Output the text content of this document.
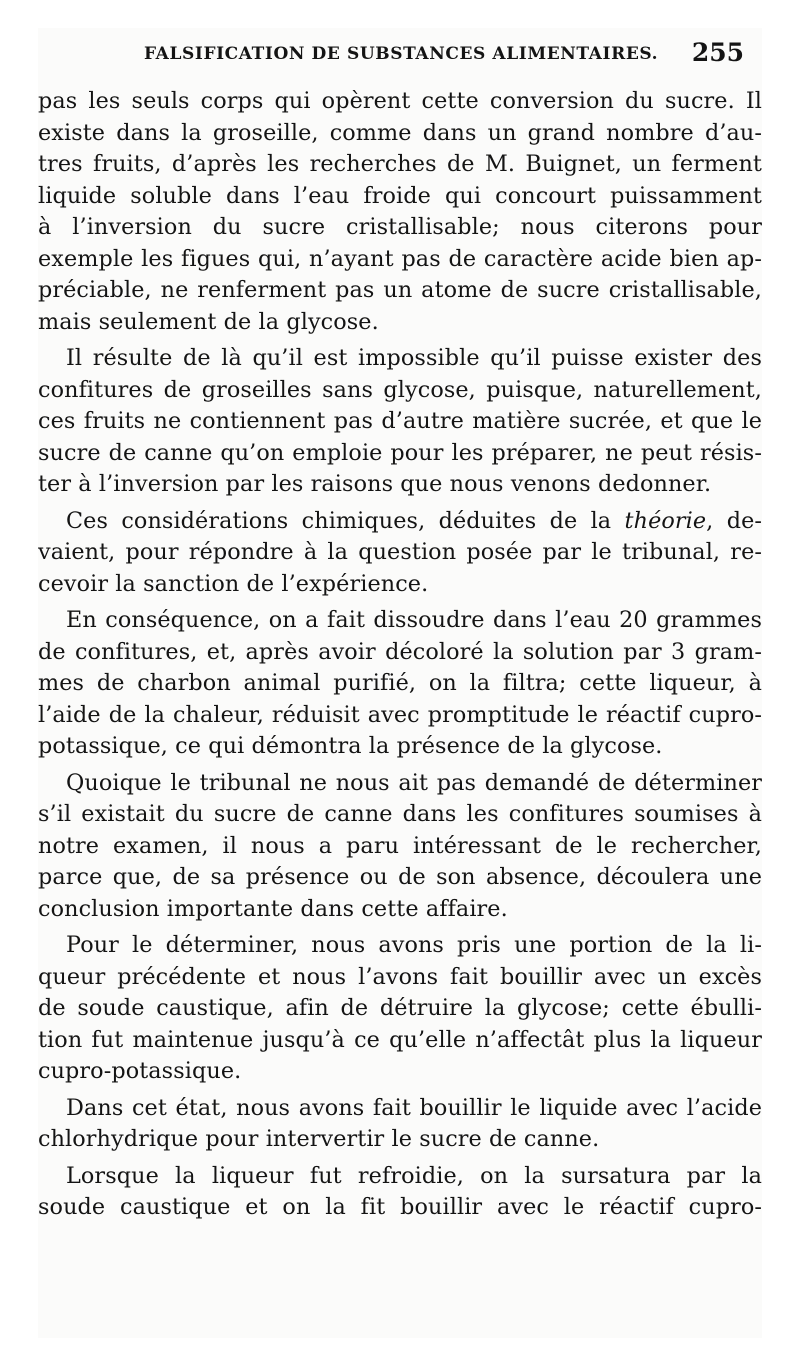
FALSIFICATION DE SUBSTANCES ALIMENTAIRES. 255

pas les seuls corps qui opèrent cette conversion du sucre. Il
existe dans la groseille, comme dans un grand nombre d’au-
tres fruits, d’après les recherches de M. Buignet, un ferment
liquide soluble dans l’eau froide qui concourt puissamment
à l’inversion du sucre cristallisable; nous citerons pour
exemple les figues qui, n’ayant pas de caractère acide bien ap-
préciable, ne renferment pas un atome de sucre cristallisable,
mais seulement de la glycose.

Il résulte de là qu’il est impossible qu’il puisse exister des
confitures de groseilles sans glycose, puisque, naturellement,
ces fruits ne contiennent pas d’autre matière sucrée, et que le
sucre de canne qu’on emploie pour les préparer, ne peut résis-
ter à l’inversion par les raisons que nous venons dedonner.

Ces considérations chimiques, déduites de la théorie, de-
vaient, pour répondre à la question posée par le tribunal, re-
cevoir la sanction de l’expérience.

En conséquence, on a fait dissoudre dans l’eau 20 grammes
de confitures, et, après avoir décoloré la solution par 3 gram-
mes de charbon animal purifié, on la filtra; cette liqueur, à
l’aide de la chaleur, réduisit avec promptitude le réactif cupro-
potassique, ce qui démontra la présence de la glycose.

Quoique le tribunal ne nous ait pas demandé de déterminer
s’il existait du sucre de canne dans les confitures soumises à
notre examen, il nous a paru intéressant de le rechercher,
parce que, de sa présence ou de son absence, découlera une
conclusion importante dans cette affaire.

Pour le déterminer, nous avons pris une portion de la li-
queur précédente et nous l’avons fait bouillir avec un excès
de soude caustique, afin de détruire la glycose; cette ébulli-
tion fut maintenue jusqu’à ce qu’elle n’affectât plus la liqueur
cupro-potassique.

Dans cet état, nous avons fait bouillir le liquide avec l’acide
chlorhydrique pour intervertir le sucre de canne.

Lorsque la liqueur fut refroidie, on la sursatura par la
soude caustique et on la fit bouillir avec le réactif cupro-
